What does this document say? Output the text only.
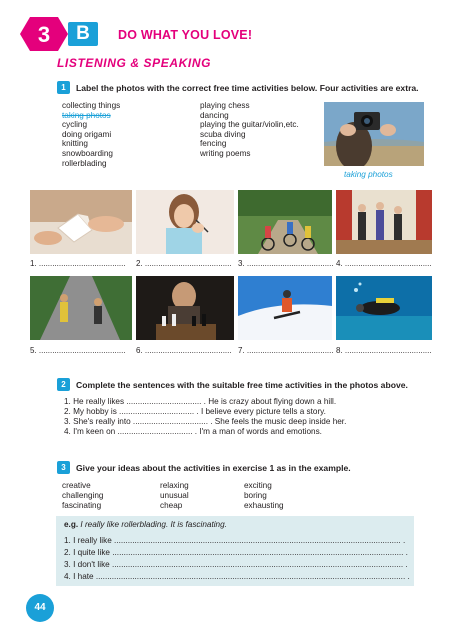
3	B	DO WHAT YOU LOVE!
LISTENING & SPEAKING
1	Label the photos with the correct free time activities below. Four activities are extra.
collecting things
taking photos
cycling
doing origami
knitting
snowboarding
rollerblading
playing chess
dancing
playing the guitar/violin,etc.
scuba diving
fencing
writing poems
taking photos
1. ....................................... 2. ....................................... 3. ....................................... 4. .......................................
5. ....................................... 6. ....................................... 7. ....................................... 8. .......................................
2	Complete the sentences with the suitable free time activities in the photos above.
1. He really likes ................................. . He is crazy about flying down a hill.
2. My hobby is ................................. . I believe every picture tells a story.
3. She's really into ................................. . She feels the music deep inside her.
4. I'm keen on ................................. . I'm a man of words and emotions.
3	Give your ideas about the activities in exercise 1 as in the example.
creative
challenging
fascinating
relaxing
unusual
cheap
exciting
boring
exhausting
e.g. I really like rollerblading. It is fascinating.
1. I really like .............................................................................................................................. .
2. I quite like ................................................................................................................................ .
3. I don't like ................................................................................................................................ .
4. I hate ........................................................................................................................................ .
44
